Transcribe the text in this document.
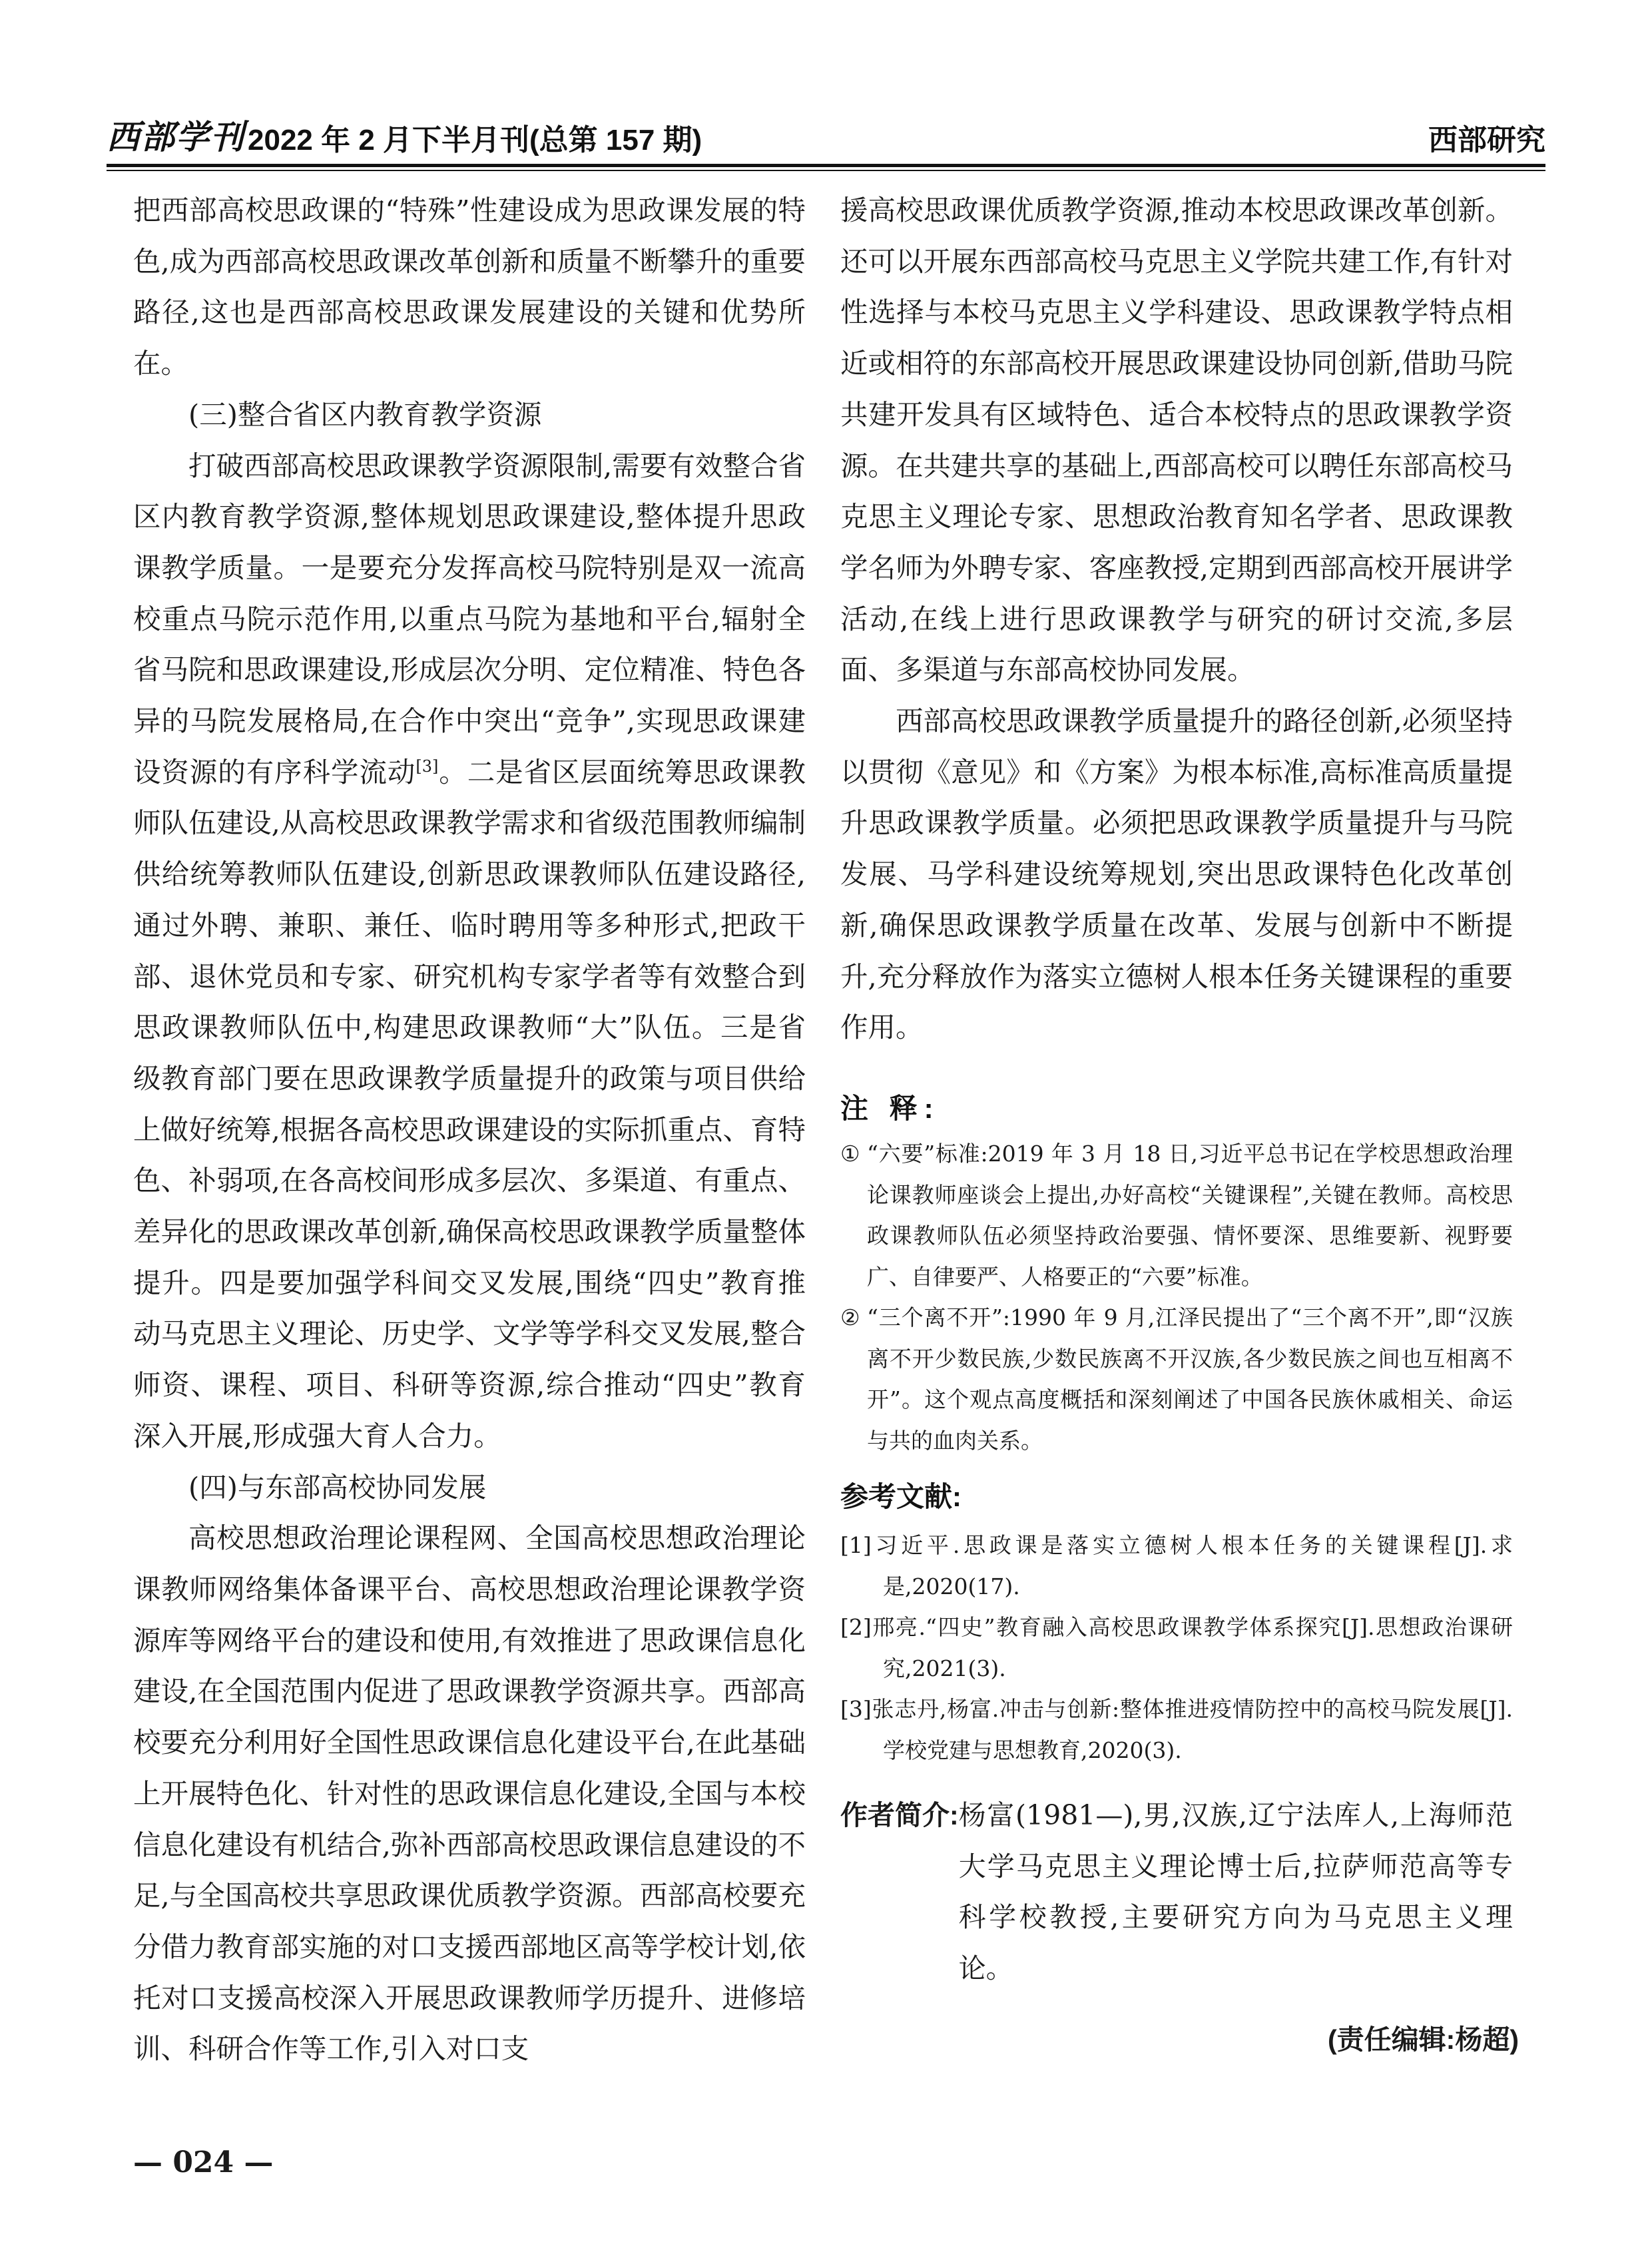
西部学刊 2022 年 2 月下半月刊(总第 157 期)	西部研究

把西部高校思政课的“特殊”性建设成为思政课发展的特色,成为西部高校思政课改革创新和质量不断攀升的重要路径,这也是西部高校思政课发展建设的关键和优势所在。

(三)整合省区内教育教学资源

打破西部高校思政课教学资源限制,需要有效整合省区内教育教学资源,整体规划思政课建设,整体提升思政课教学质量。一是要充分发挥高校马院特别是双一流高校重点马院示范作用,以重点马院为基地和平台,辐射全省马院和思政课建设,形成层次分明、定位精准、特色各异的马院发展格局,在合作中突出“竞争”,实现思政课建设资源的有序科学流动[3]。二是省区层面统筹思政课教师队伍建设,从高校思政课教学需求和省级范围教师编制供给统筹教师队伍建设,创新思政课教师队伍建设路径,通过外聘、兼职、兼任、临时聘用等多种形式,把政干部、退休党员和专家、研究机构专家学者等有效整合到思政课教师队伍中,构建思政课教师“大”队伍。三是省级教育部门要在思政课教学质量提升的政策与项目供给上做好统筹,根据各高校思政课建设的实际抓重点、育特色、补弱项,在各高校间形成多层次、多渠道、有重点、差异化的思政课改革创新,确保高校思政课教学质量整体提升。四是要加强学科间交叉发展,围绕“四史”教育推动马克思主义理论、历史学、文学等学科交叉发展,整合师资、课程、项目、科研等资源,综合推动“四史”教育深入开展,形成强大育人合力。

(四)与东部高校协同发展

高校思想政治理论课程网、全国高校思想政治理论课教师网络集体备课平台、高校思想政治理论课教学资源库等网络平台的建设和使用,有效推进了思政课信息化建设,在全国范围内促进了思政课教学资源共享。西部高校要充分利用好全国性思政课信息化建设平台,在此基础上开展特色化、针对性的思政课信息化建设,全国与本校信息化建设有机结合,弥补西部高校思政课信息建设的不足,与全国高校共享思政课优质教学资源。西部高校要充分借力教育部实施的对口支援西部地区高等学校计划,依托对口支援高校深入开展思政课教师学历提升、进修培训、科研合作等工作,引入对口支

援高校思政课优质教学资源,推动本校思政课改革创新。还可以开展东西部高校马克思主义学院共建工作,有针对性选择与本校马克思主义学科建设、思政课教学特点相近或相符的东部高校开展思政课建设协同创新,借助马院共建开发具有区域特色、适合本校特点的思政课教学资源。在共建共享的基础上,西部高校可以聘任东部高校马克思主义理论专家、思想政治教育知名学者、思政课教学名师为外聘专家、客座教授,定期到西部高校开展讲学活动,在线上进行思政课教学与研究的研讨交流,多层面、多渠道与东部高校协同发展。

西部高校思政课教学质量提升的路径创新,必须坚持以贯彻《意见》和《方案》为根本标准,高标准高质量提升思政课教学质量。必须把思政课教学质量提升与马院发展、马学科建设统筹规划,突出思政课特色化改革创新,确保思政课教学质量在改革、发展与创新中不断提升,充分释放作为落实立德树人根本任务关键课程的重要作用。

注 释:

① “六要”标准:2019 年 3 月 18 日,习近平总书记在学校思想政治理论课教师座谈会上提出,办好高校“关键课程”,关键在教师。高校思政课教师队伍必须坚持政治要强、情怀要深、思维要新、视野要广、自律要严、人格要正的“六要”标准。

② “三个离不开”:1990 年 9 月,江泽民提出了“三个离不开”,即“汉族离不开少数民族,少数民族离不开汉族,各少数民族之间也互相离不开”。这个观点高度概括和深刻阐述了中国各民族休戚相关、命运与共的血肉关系。

参考文献:

[1]习近平.思政课是落实立德树人根本任务的关键课程[J].求是,2020(17).

[2]邢亮.“四史”教育融入高校思政课教学体系探究[J].思想政治课研究,2021(3).

[3]张志丹,杨富.冲击与创新:整体推进疫情防控中的高校马院发展[J].学校党建与思想教育,2020(3).

作者简介: 杨富(1981—),男,汉族,辽宁法库人,上海师范大学马克思主义理论博士后,拉萨师范高等专科学校教授,主要研究方向为马克思主义理论。
(责任编辑:杨超)
— 024 —
